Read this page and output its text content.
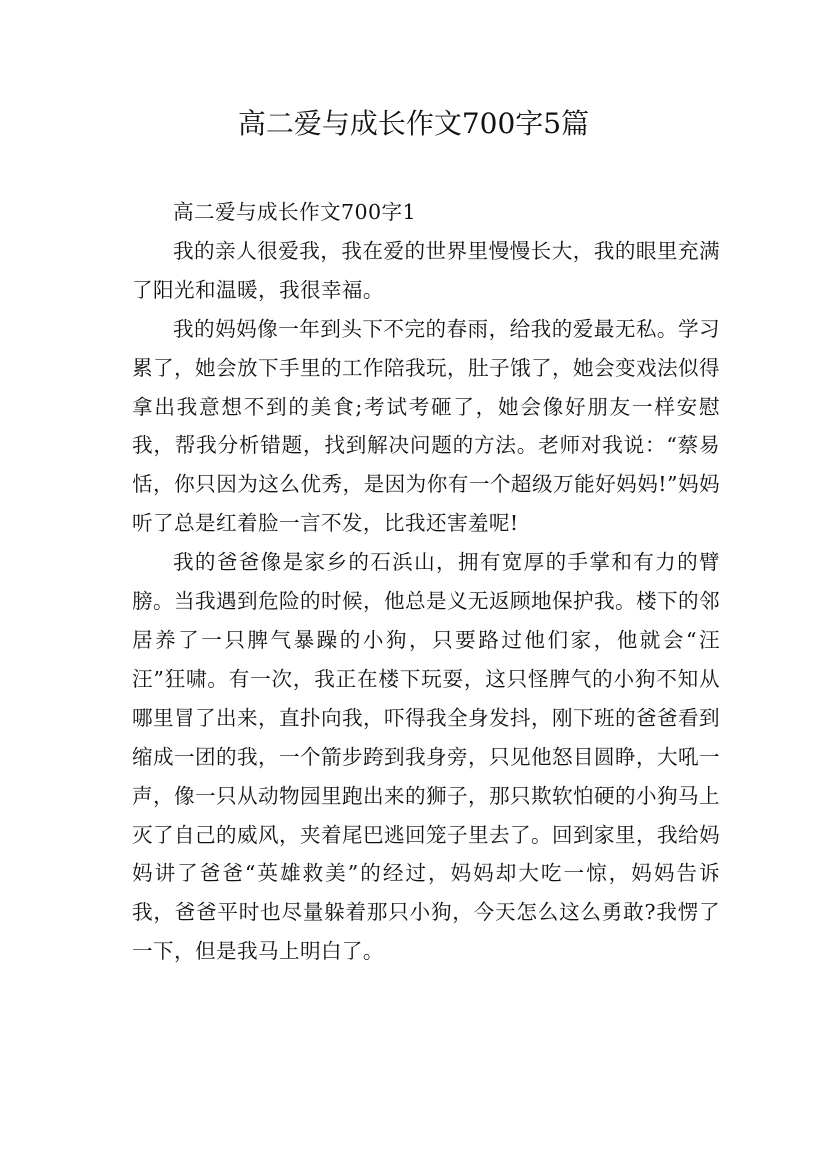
高二爱与成长作文700字5篇

高二爱与成长作文700字1

我的亲人很爱我，我在爱的世界里慢慢长大，我的眼里充满了阳光和温暖，我很幸福。

我的妈妈像一年到头下不完的春雨，给我的爱最无私。学习累了，她会放下手里的工作陪我玩，肚子饿了，她会变戏法似得拿出我意想不到的美食;考试考砸了，她会像好朋友一样安慰我，帮我分析错题，找到解决问题的方法。老师对我说：“蔡易恬，你只因为这么优秀，是因为你有一个超级万能好妈妈!”妈妈听了总是红着脸一言不发，比我还害羞呢!

我的爸爸像是家乡的石浜山，拥有宽厚的手掌和有力的臂膀。当我遇到危险的时候，他总是义无返顾地保护我。楼下的邻居养了一只脾气暴躁的小狗，只要路过他们家，他就会“汪汪”狂啸。有一次，我正在楼下玩耍，这只怪脾气的小狗不知从哪里冒了出来，直扑向我，吓得我全身发抖，刚下班的爸爸看到缩成一团的我，一个箭步跨到我身旁，只见他怒目圆睁，大吼一声，像一只从动物园里跑出来的狮子，那只欺软怕硬的小狗马上灭了自己的威风，夹着尾巴逃回笼子里去了。回到家里，我给妈妈讲了爸爸“英雄救美”的经过，妈妈却大吃一惊，妈妈告诉我，爸爸平时也尽量躲着那只小狗，今天怎么这么勇敢?我愣了一下，但是我马上明白了。
